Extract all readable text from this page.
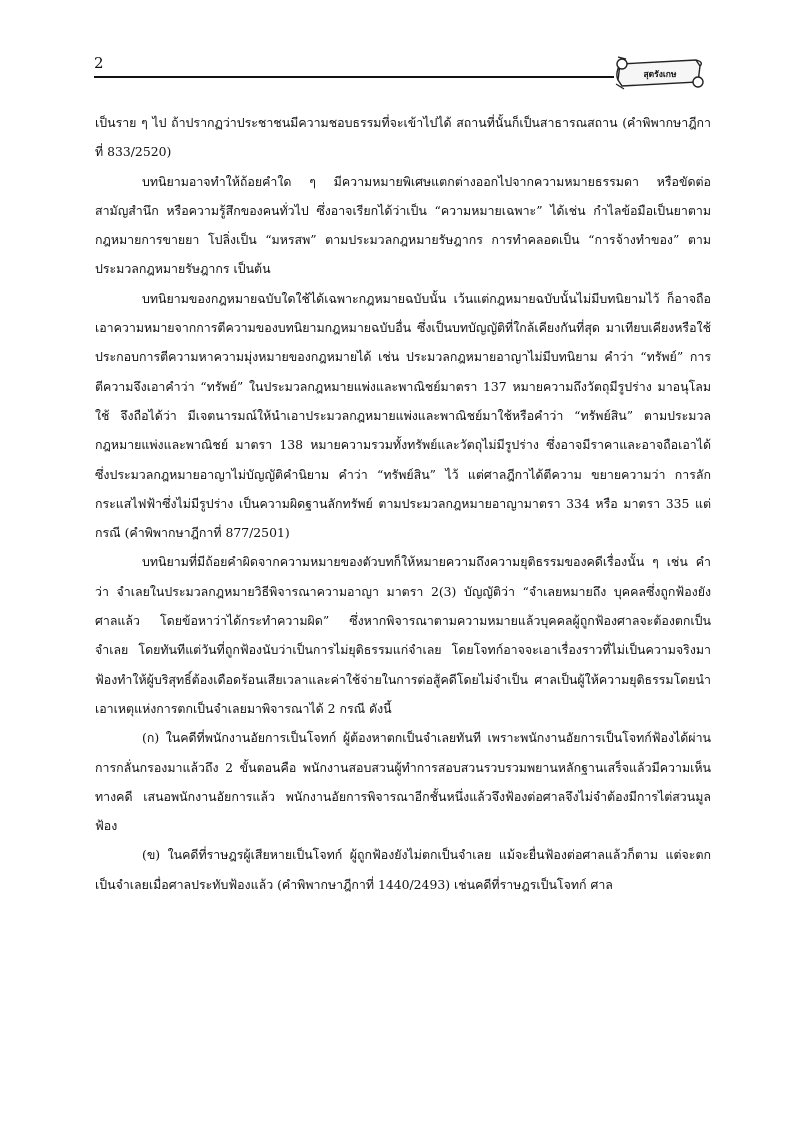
2
สุดรังเกษ

เป็นราย ๆ ไป ถ้าปรากฏว่าประชาชนมีความชอบธรรมที่จะเข้าไปได้ สถานที่นั้นก็เป็นสาธารณสถาน (คำพิพากษาฎีกาที่ 833/2520)

บทนิยามอาจทำให้ถ้อยคำใด ๆ มีความหมายพิเศษแตกต่างออกไปจากความหมายธรรมดา หรือขัดต่อสามัญสำนึก หรือความรู้สึกของคนทั่วไป ซึ่งอาจเรียกได้ว่าเป็น “ความหมายเฉพาะ” ได้เช่น กำไลข้อมือเป็นยาตามกฎหมายการขายยา โปลิ่งเป็น “มหรสพ” ตามประมวลกฎหมายรัษฎากร การทำคลอดเป็น “การจ้างทำของ” ตามประมวลกฎหมายรัษฎากร เป็นต้น

บทนิยามของกฎหมายฉบับใดใช้ได้เฉพาะกฎหมายฉบับนั้น เว้นแต่กฎหมายฉบับนั้นไม่มีบทนิยามไว้ ก็อาจถือเอาความหมายจากการตีความของบทนิยามกฎหมายฉบับอื่น ซึ่งเป็นบทบัญญัติที่ใกล้เคียงกันที่สุด มาเทียบเคียงหรือใช้ประกอบการตีความหาความมุ่งหมายของกฎหมายได้ เช่น ประมวลกฎหมายอาญาไม่มีบทนิยาม คำว่า “ทรัพย์” การตีความจึงเอาคำว่า “ทรัพย์” ในประมวลกฎหมายแพ่งและพาณิชย์มาตรา 137 หมายความถึงวัตถุมีรูปร่าง มาอนุโลมใช้ จึงถือได้ว่า มีเจตนารมณ์ให้นำเอาประมวลกฎหมายแพ่งและพาณิชย์มาใช้หรือคำว่า “ทรัพย์สิน” ตามประมวลกฎหมายแพ่งและพาณิชย์ มาตรา 138 หมายความรวมทั้งทรัพย์และวัตถุไม่มีรูปร่าง ซึ่งอาจมีราคาและอาจถือเอาได้ ซึ่งประมวลกฎหมายอาญาไม่บัญญัติคำนิยาม คำว่า “ทรัพย์สิน” ไว้ แต่ศาลฎีกาได้ตีความ ขยายความว่า การลักกระแสไฟฟ้าซึ่งไม่มีรูปร่าง เป็นความผิดฐานลักทรัพย์ ตามประมวลกฎหมายอาญามาตรา 334 หรือ มาตรา 335 แต่กรณี (คำพิพากษาฎีกาที่ 877/2501)

บทนิยามที่มีถ้อยคำผิดจากความหมายของตัวบทก็ให้หมายความถึงความยุติธรรมของคดีเรื่องนั้น ๆ เช่น คำว่า จำเลยในประมวลกฎหมายวิธีพิจารณาความอาญา มาตรา 2(3) บัญญัติว่า “จำเลยหมายถึง บุคคลซึ่งถูกฟ้องยังศาลแล้ว โดยข้อหาว่าได้กระทำความผิด” ซึ่งหากพิจารณาตามความหมายแล้วบุคคลผู้ถูกฟ้องศาลจะต้องตกเป็นจำเลย โดยทันทีแต่วันที่ถูกฟ้องนับว่าเป็นการไม่ยุติธรรมแก่จำเลย โดยโจทก์อาจจะเอาเรื่องราวที่ไม่เป็นความจริงมาฟ้องทำให้ผู้บริสุทธิ์ต้องเดือดร้อนเสียเวลาและค่าใช้จ่ายในการต่อสู้คดีโดยไม่จำเป็น ศาลเป็นผู้ให้ความยุติธรรมโดยนำเอาเหตุแห่งการตกเป็นจำเลยมาพิจารณาได้ 2 กรณี ดังนี้

(ก) ในคดีที่พนักงานอัยการเป็นโจทก์ ผู้ต้องหาตกเป็นจำเลยทันที เพราะพนักงานอัยการเป็นโจทก์ฟ้องได้ผ่านการกลั่นกรองมาแล้วถึง 2 ขั้นตอนคือ พนักงานสอบสวนผู้ทำการสอบสวนรวบรวมพยานหลักฐานเสร็จแล้วมีความเห็นทางคดี เสนอพนักงานอัยการแล้ว พนักงานอัยการพิจารณาอีกชั้นหนึ่งแล้วจึงฟ้องต่อศาลจึงไม่จำต้องมีการไต่สวนมูลฟ้อง

(ข) ในคดีที่ราษฎรผู้เสียหายเป็นโจทก์ ผู้ถูกฟ้องยังไม่ตกเป็นจำเลย แม้จะยื่นฟ้องต่อศาลแล้วก็ตาม แต่จะตกเป็นจำเลยเมื่อศาลประทับฟ้องแล้ว (คำพิพากษาฎีกาที่ 1440/2493) เช่นคดีที่ราษฎรเป็นโจทก์ ศาล
